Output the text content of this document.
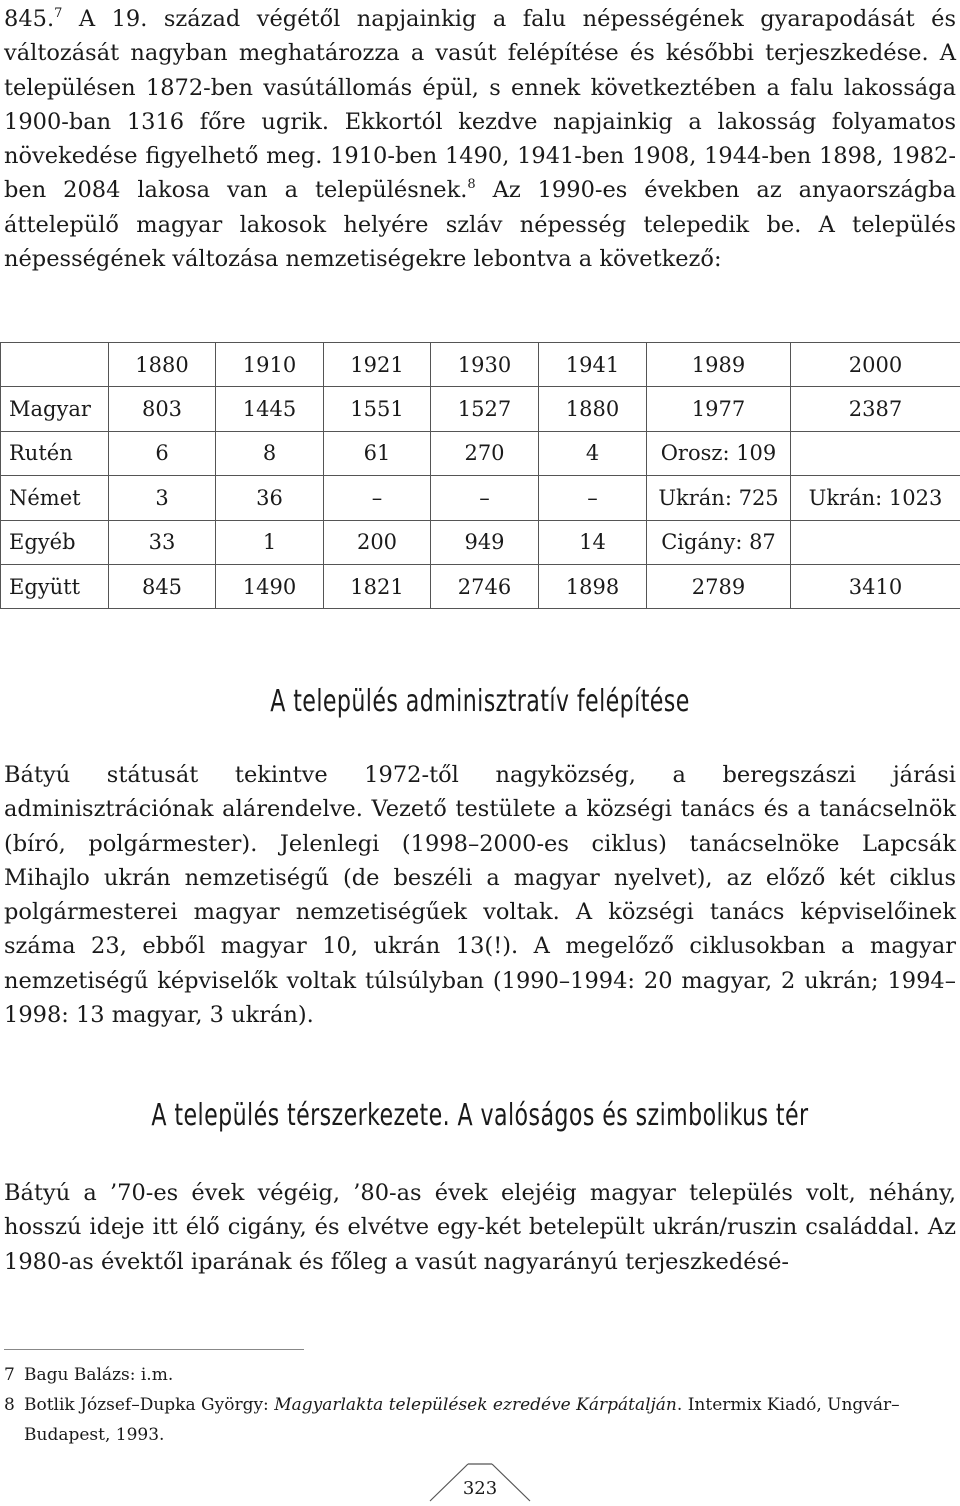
845.$^7$ A 19. század végétől napjainkig a falu népességének gyarapodását és változását nagyban meghatározza a vasút felépítése és későbbi terjeszkedése. A településen 1872-ben vasútállomás épül, s ennek következtében a falu lakossága 1900-ban 1316 főre ugrik. Ekkortól kezdve napjainkig a lakosság folyamatos növekedése figyelhető meg. 1910-ben 1490, 1941-ben 1908, 1944-ben 1898, 1982-ben 2084 lakosa van a településnek.$^8$ Az 1990-es években az anyaországba áttelepülő magyar lakosok helyére szláv népesség telepedik be. A település népességének változása nemzetiségekre lebontva a következő:

	1880	1910	1921	1930	1941	1989	2000
Magyar	803	1445	1551	1527	1880	1977	2387
Rutén	6	8	61	270	4	Orosz: 109	
Német	3	36	–	–	–	Ukrán: 725	Ukrán: 1023
Egyéb	33	1	200	949	14	Cigány: 87	
Együtt	845	1490	1821	2746	1898	2789	3410
A település adminisztratív felépítése

Bátyú státusát tekintve 1972-től nagyközség, a beregszászi járási adminisztrációnak alárendelve. Vezető testülete a községi tanács és a tanácselnök (bíró, polgármester). Jelenlegi (1998–2000-es ciklus) tanácselnöke Lapcsák Mihajlo ukrán nemzetiségű (de beszéli a magyar nyelvet), az előző két ciklus polgármesterei magyar nemzetiségűek voltak. A községi tanács képviselőinek száma 23, ebből magyar 10, ukrán 13(!). A megelőző ciklusokban a magyar nemzetiségű képviselők voltak túlsúlyban (1990–1994: 20 magyar, 2 ukrán; 1994–1998: 13 magyar, 3 ukrán).

A település térszerkezete. A valóságos és szimbolikus tér

Bátyú a ’70-es évek végéig, ’80-as évek elejéig magyar település volt, néhány, hosszú ideje itt élő cigány, és elvétve egy-két betelepült ukrán/ruszin családdal. Az 1980-as évektől iparának és főleg a vasút nagyarányú terjeszkedésé-

7 Bagu Balázs: i.m.
8 Botlik József–Dupka György: Magyarlakta települések ezredéve Kárpátalján. Intermix Kiadó, Ungvár–Budapest, 1993.
323
